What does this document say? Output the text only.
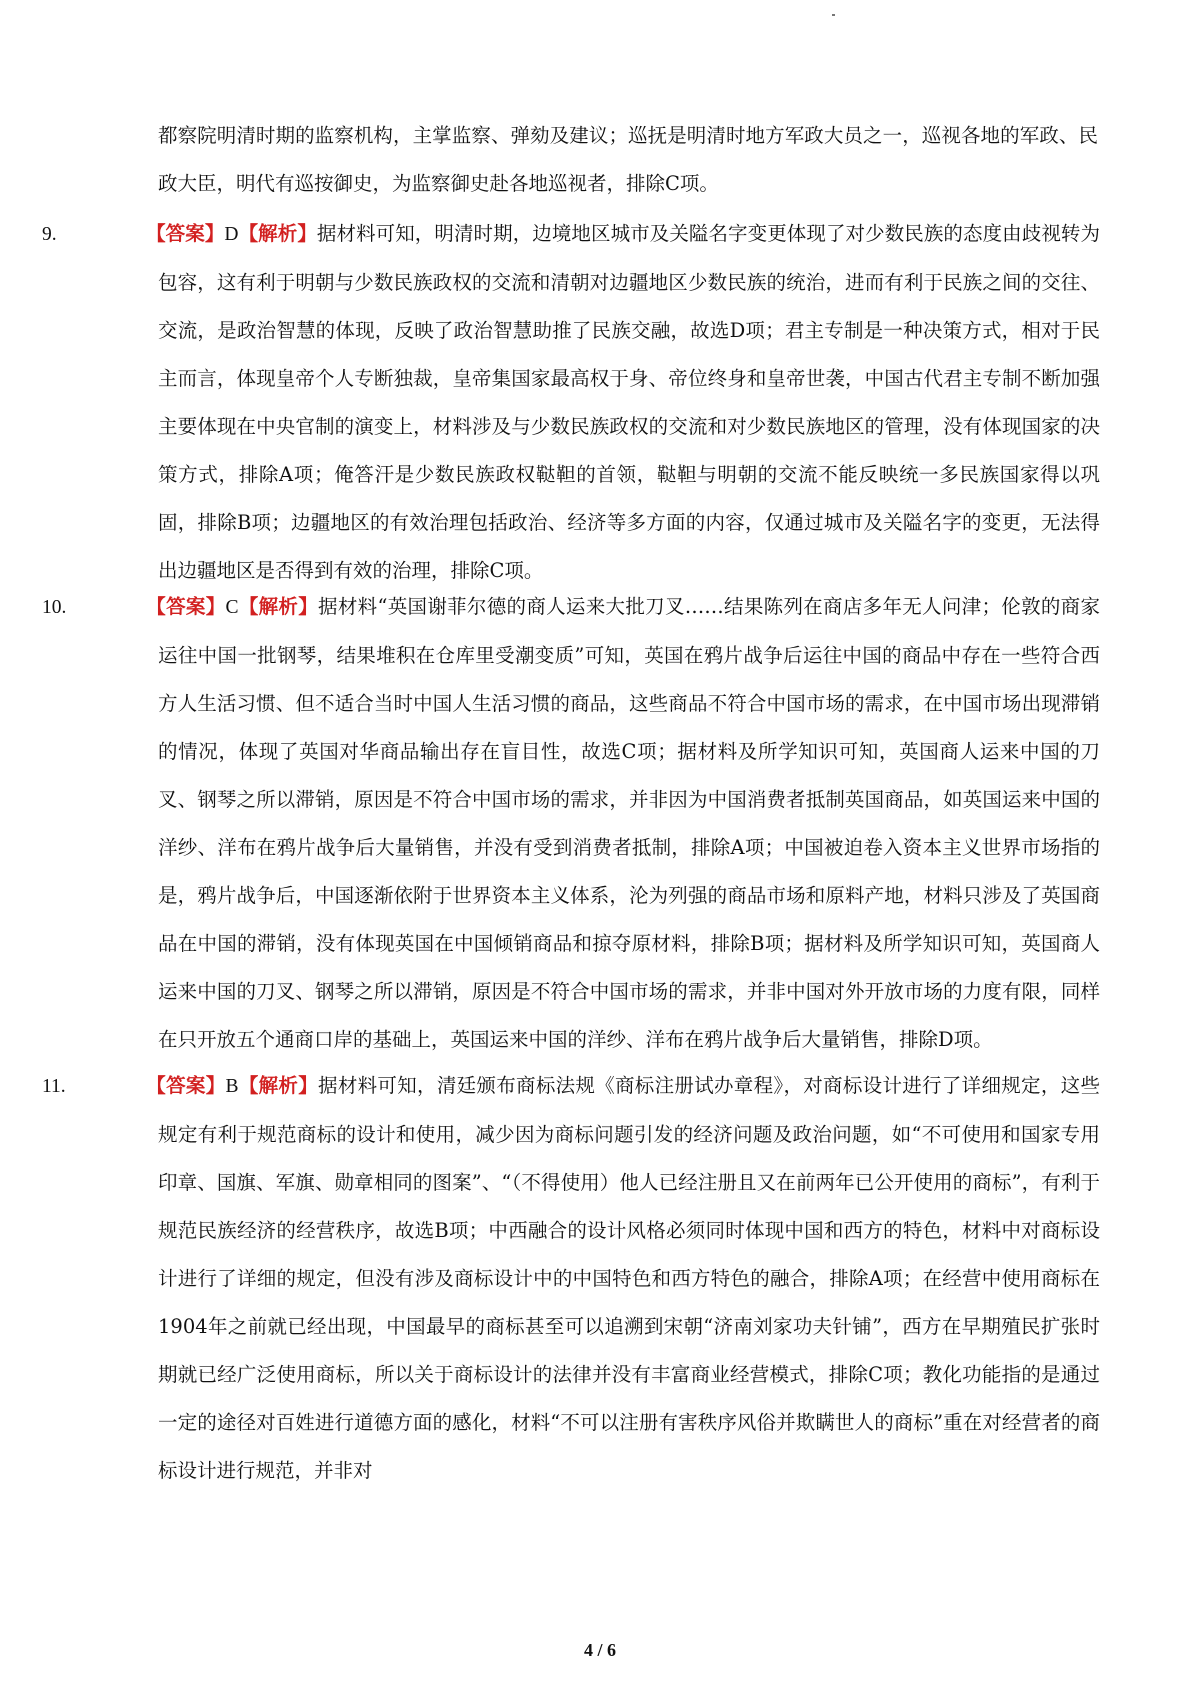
都察院明清时期的监察机构，主掌监察、弹劾及建议；巡抚是明清时地方军政大员之一，巡视各地的军政、民政大臣，明代有巡按御史，为监察御史赴各地巡视者，排除C项。

9.	【答案】D【解析】据材料可知，明清时期，边境地区城市及关隘名字变更体现了对少数民族的态度由歧视转为包容，这有利于明朝与少数民族政权的交流和清朝对边疆地区少数民族的统治，进而有利于民族之间的交往、交流，是政治智慧的体现，反映了政治智慧助推了民族交融，故选D项；君主专制是一种决策方式，相对于民主而言，体现皇帝个人专断独裁，皇帝集国家最高权于身、帝位终身和皇帝世袭，中国古代君主专制不断加强主要体现在中央官制的演变上，材料涉及与少数民族政权的交流和对少数民族地区的管理，没有体现国家的决策方式，排除A项；俺答汗是少数民族政权鞑靼的首领，鞑靼与明朝的交流不能反映统一多民族国家得以巩固，排除B项；边疆地区的有效治理包括政治、经济等多方面的内容，仅通过城市及关隘名字的变更，无法得出边疆地区是否得到有效的治理，排除C项。

10.	【答案】C【解析】据材料“英国谢菲尔德的商人运来大批刀叉……结果陈列在商店多年无人问津；伦敦的商家运往中国一批钢琴，结果堆积在仓库里受潮变质”可知，英国在鸦片战争后运往中国的商品中存在一些符合西方人生活习惯、但不适合当时中国人生活习惯的商品，这些商品不符合中国市场的需求，在中国市场出现滞销的情况，体现了英国对华商品输出存在盲目性，故选C项；据材料及所学知识可知，英国商人运来中国的刀叉、钢琴之所以滞销，原因是不符合中国市场的需求，并非因为中国消费者抵制英国商品，如英国运来中国的洋纱、洋布在鸦片战争后大量销售，并没有受到消费者抵制，排除A项；中国被迫卷入资本主义世界市场指的是，鸦片战争后，中国逐渐依附于世界资本主义体系，沦为列强的商品市场和原料产地，材料只涉及了英国商品在中国的滞销，没有体现英国在中国倾销商品和掠夺原材料，排除B项；据材料及所学知识可知，英国商人运来中国的刀叉、钢琴之所以滞销，原因是不符合中国市场的需求，并非中国对外开放市场的力度有限，同样在只开放五个通商口岸的基础上，英国运来中国的洋纱、洋布在鸦片战争后大量销售，排除D项。

11.	【答案】B【解析】据材料可知，清廷颁布商标法规《商标注册试办章程》，对商标设计进行了详细规定，这些规定有利于规范商标的设计和使用，减少因为商标问题引发的经济问题及政治问题，如“不可使用和国家专用印章、国旗、军旗、勋章相同的图案”、“（不得使用）他人已经注册且又在前两年已公开使用的商标”，有利于规范民族经济的经营秩序，故选B项；中西融合的设计风格必须同时体现中国和西方的特色，材料中对商标设计进行了详细的规定，但没有涉及商标设计中的中国特色和西方特色的融合，排除A项；在经营中使用商标在1904年之前就已经出现，中国最早的商标甚至可以追溯到宋朝“济南刘家功夫针铺”，西方在早期殖民扩张时期就已经广泛使用商标，所以关于商标设计的法律并没有丰富商业经营模式，排除C项；教化功能指的是通过一定的途径对百姓进行道德方面的感化，材料“不可以注册有害秩序风俗并欺瞒世人的商标”重在对经营者的商标设计进行规范，并非对

4 / 6
